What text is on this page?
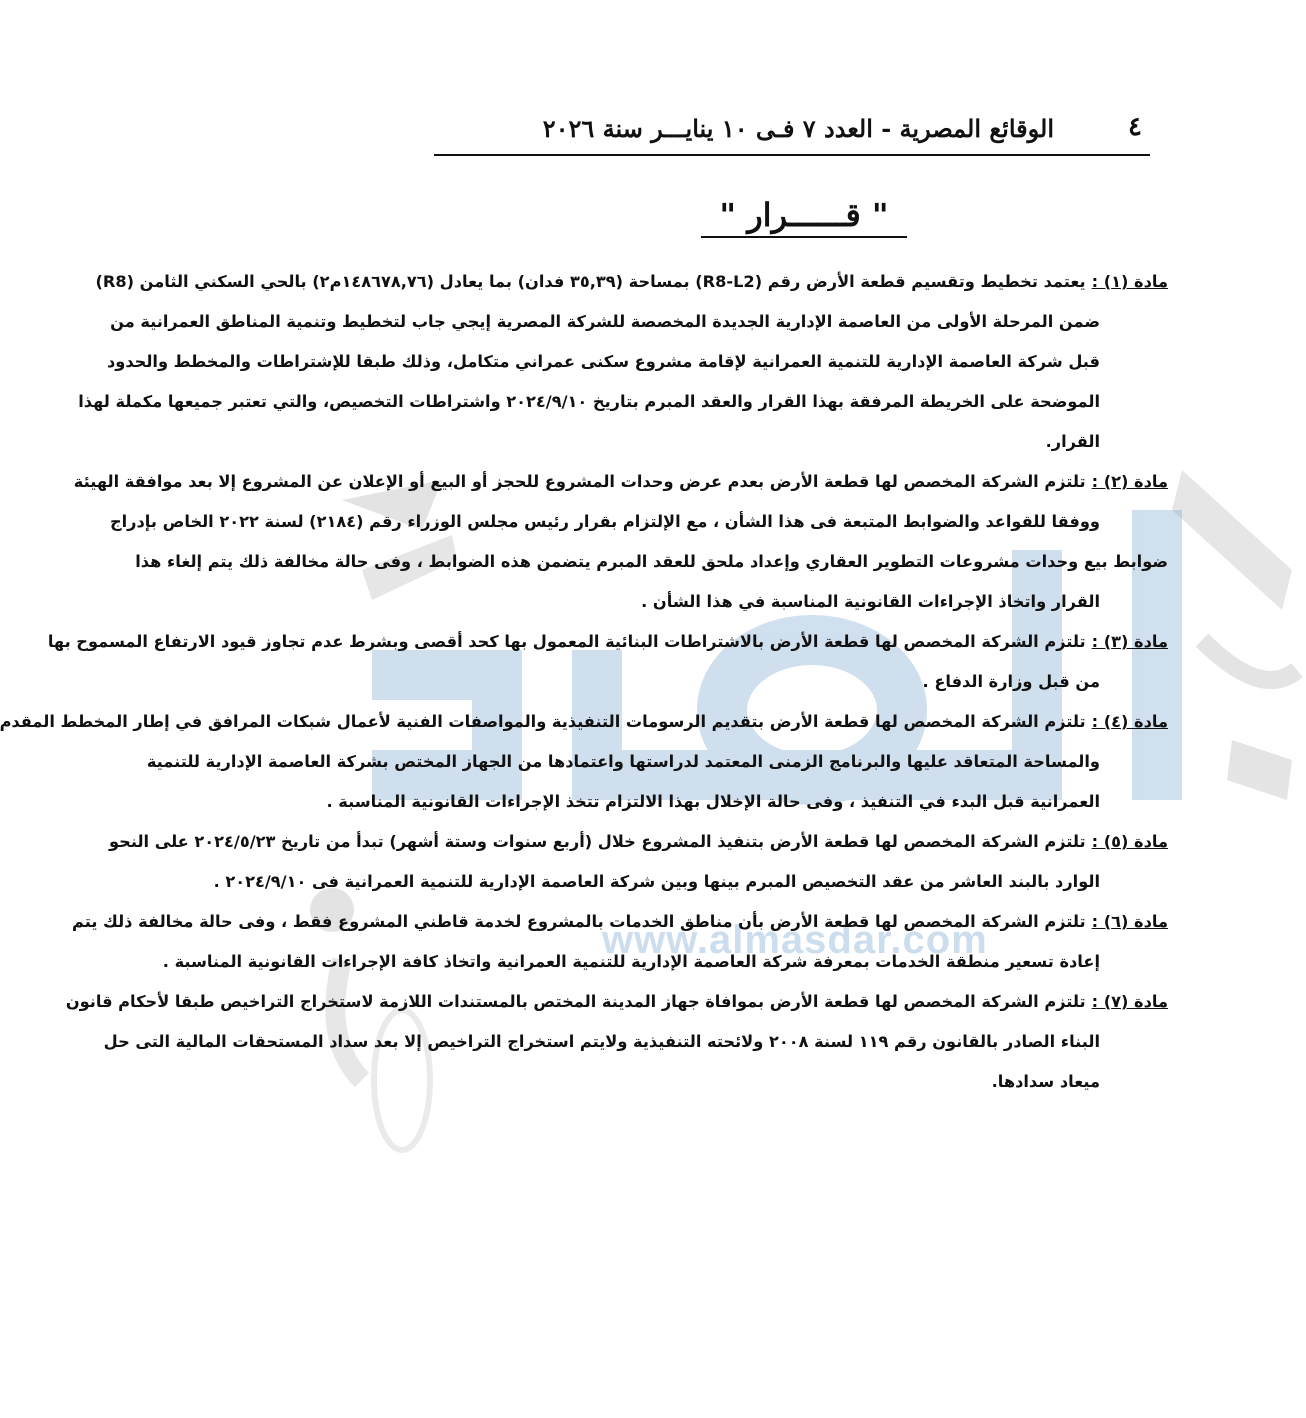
www.almasdar.com
٤
الوقائع المصرية - العدد ٧ فـى ١٠ ينايـــر سنة ٢٠٢٦
" قــــــرار "
مادة (١) :يعتمد تخطيط وتقسيم قطعة الأرض رقم (R8-L2) بمساحة (٣٥,٣٩ فدان) بما يعادل (١٤٨٦٧٨,٧٦م٢) بالحي السكني الثامن (R8)
ضمن المرحلة الأولى من العاصمة الإدارية الجديدة المخصصة للشركة المصرية إيجي جاب لتخطيط وتنمية المناطق العمرانية من
قبل شركة العاصمة الإدارية للتنمية العمرانية لإقامة مشروع سكنى عمراني متكامل، وذلك طبقا للإشتراطات والمخطط والحدود
الموضحة على الخريطة المرفقة بهذا القرار والعقد المبرم بتاريخ ٢٠٢٤/٩/١٠ واشتراطات التخصيص، والتي تعتبر جميعها مكملة لهذا
القرار.
مادة (٢) :تلتزم الشركة المخصص لها قطعة الأرض بعدم عرض وحدات المشروع للحجز أو البيع أو الإعلان عن المشروع إلا بعد موافقة الهيئة
ووفقا للقواعد والضوابط المتبعة فى هذا الشأن ، مع الإلتزام بقرار رئيس مجلس الوزراء رقم (٢١٨٤) لسنة ٢٠٢٢ الخاص بإدراج
ضوابط بيع وحدات مشروعات التطوير العقاري وإعداد ملحق للعقد المبرم يتضمن هذه الضوابط ، وفى حالة مخالفة ذلك يتم إلغاء هذا
القرار واتخاذ الإجراءات القانونية المناسبة في هذا الشأن .
مادة (٣) :تلتزم الشركة المخصص لها قطعة الأرض بالاشتراطات البنائية المعمول بها كحد أقصى وبشرط عدم تجاوز قيود الارتفاع المسموح بها
من قبل وزارة الدفاع .
مادة (٤) :تلتزم الشركة المخصص لها قطعة الأرض بتقديم الرسومات التنفيذية والمواصفات الفنية لأعمال شبكات المرافق في إطار المخطط المقدم
والمساحة المتعاقد عليها والبرنامج الزمنى المعتمد لدراستها واعتمادها من الجهاز المختص بشركة العاصمة الإدارية للتنمية
العمرانية قبل البدء في التنفيذ ، وفى حالة الإخلال بهذا الالتزام تتخذ الإجراءات القانونية المناسبة .
مادة (٥) :تلتزم الشركة المخصص لها قطعة الأرض بتنفيذ المشروع خلال (أربع سنوات وستة أشهر) تبدأ من تاريخ ٢٠٢٤/٥/٢٣ على النحو
الوارد بالبند العاشر من عقد التخصيص المبرم بينها وبين شركة العاصمة الإدارية للتنمية العمرانية فى ٢٠٢٤/٩/١٠ .
مادة (٦) :تلتزم الشركة المخصص لها قطعة الأرض بأن مناطق الخدمات بالمشروع لخدمة قاطني المشروع فقط ، وفى حالة مخالفة ذلك يتم
إعادة تسعير منطقة الخدمات بمعرفة شركة العاصمة الإدارية للتنمية العمرانية واتخاذ كافة الإجراءات القانونية المناسبة .
مادة (٧) :تلتزم الشركة المخصص لها قطعة الأرض بموافاة جهاز المدينة المختص بالمستندات اللازمة لاستخراج التراخيص طبقا لأحكام قانون
البناء الصادر بالقانون رقم ١١٩ لسنة ٢٠٠٨ ولائحته التنفيذية ولايتم استخراج التراخيص إلا بعد سداد المستحقات المالية التى حل
ميعاد سدادها.
